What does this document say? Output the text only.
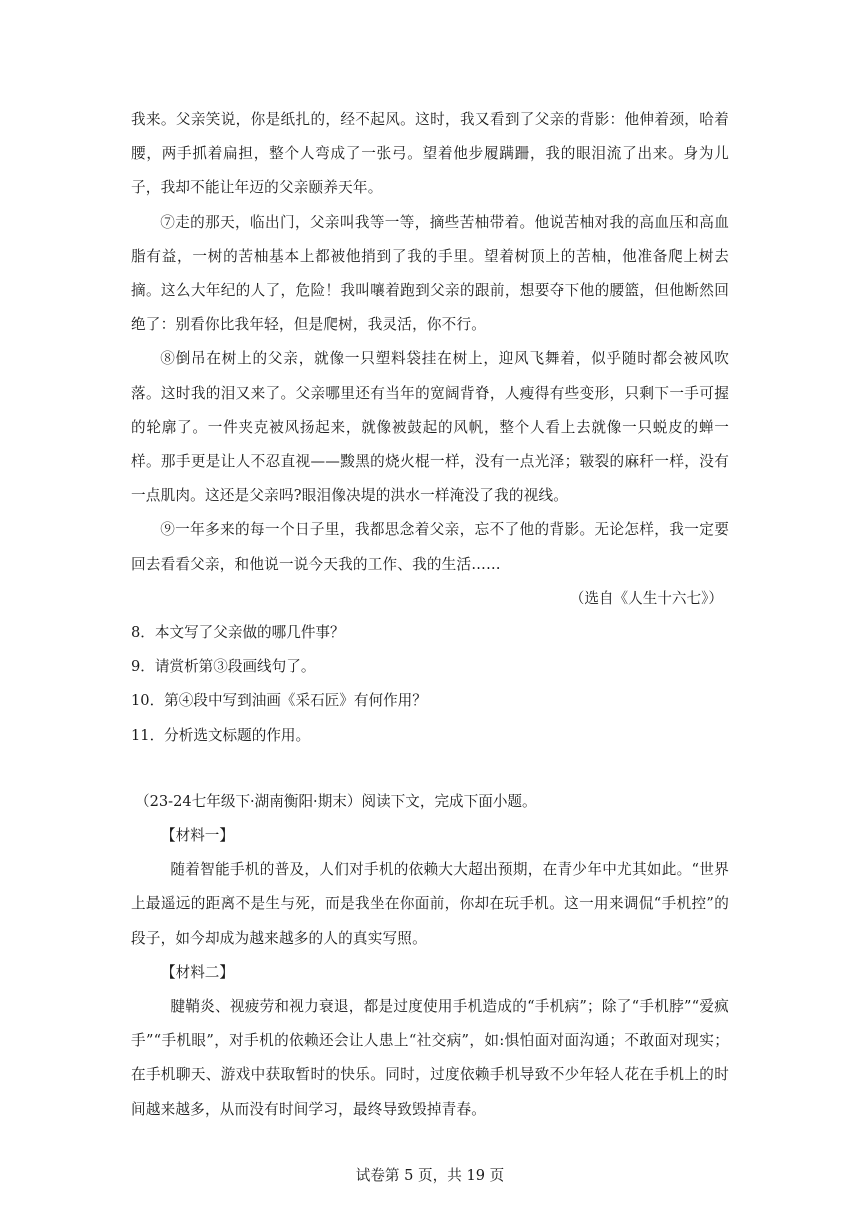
我来。父亲笑说，你是纸扎的，经不起风。这时，我又看到了父亲的背影：他伸着颈，哈着腰，两手抓着扁担，整个人弯成了一张弓。望着他步履蹒跚，我的眼泪流了出来。身为儿子，我却不能让年迈的父亲颐养天年。

⑦走的那天，临出门，父亲叫我等一等，摘些苦柚带着。他说苦柚对我的高血压和高血脂有益，一树的苦柚基本上都被他捎到了我的手里。望着树顶上的苦柚，他准备爬上树去摘。这么大年纪的人了，危险！我叫嚷着跑到父亲的跟前，想要夺下他的腰篮，但他断然回绝了：别看你比我年轻，但是爬树，我灵活，你不行。

⑧倒吊在树上的父亲，就像一只塑料袋挂在树上，迎风飞舞着，似乎随时都会被风吹落。这时我的泪又来了。父亲哪里还有当年的宽阔背脊，人瘦得有些变形，只剩下一手可握的轮廓了。一件夹克被风扬起来，就像被鼓起的风帆，整个人看上去就像一只蜕皮的蝉一样。那手更是让人不忍直视——黢黑的烧火棍一样，没有一点光泽；皲裂的麻秆一样，没有一点肌肉。这还是父亲吗?眼泪像决堤的洪水一样淹没了我的视线。

⑨一年多来的每一个日子里，我都思念着父亲，忘不了他的背影。无论怎样，我一定要回去看看父亲，和他说一说今天我的工作、我的生活……

（选自《人生十六七》）

8．本文写了父亲做的哪几件事？

9．请赏析第③段画线句了。

10．第④段中写到油画《采石匠》有何作用？

11．分析选文标题的作用。

（23-24七年级下·湖南衡阳·期末）阅读下文，完成下面小题。

【材料一】

随着智能手机的普及，人们对手机的依赖大大超出预期，在青少年中尤其如此。“世界上最遥远的距离不是生与死，而是我坐在你面前，你却在玩手机。这一用来调侃“手机控”的段子，如今却成为越来越多的人的真实写照。

【材料二】

腱鞘炎、视疲劳和视力衰退，都是过度使用手机造成的“手机病”；除了“手机脖”“爱疯手”“手机眼”，对手机的依赖还会让人患上“社交病”，如:惧怕面对面沟通；不敢面对现实；在手机聊天、游戏中获取暂时的快乐。同时，过度依赖手机导致不少年轻人花在手机上的时间越来越多，从而没有时间学习，最终导致毁掉青春。

试卷第 5 页，共 19 页
